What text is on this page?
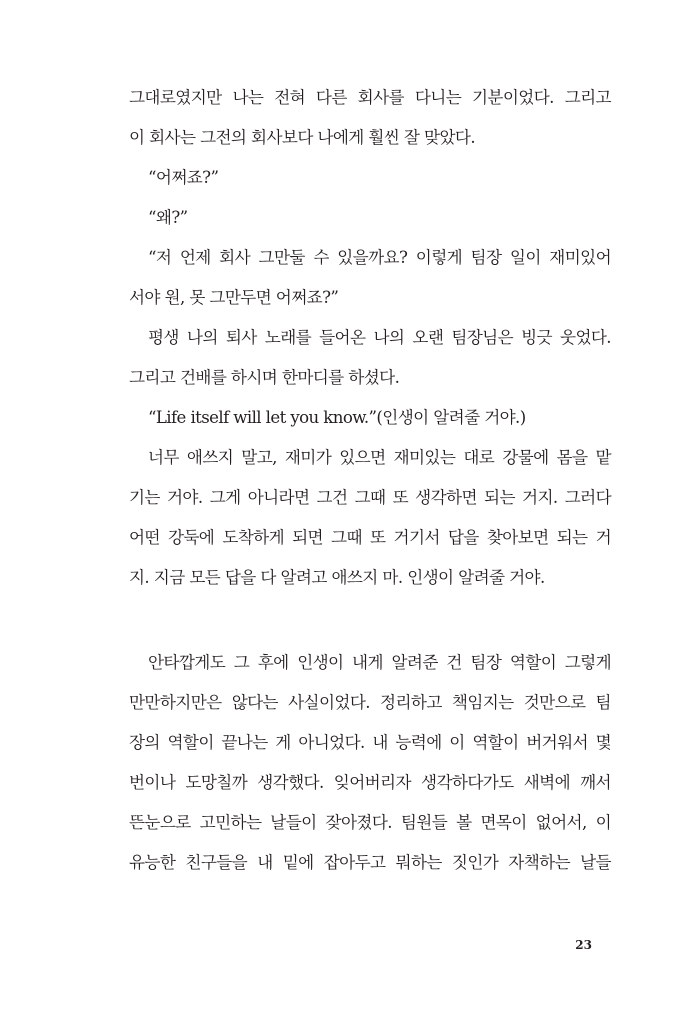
그대로였지만 나는 전혀 다른 회사를 다니는 기분이었다. 그리고
이 회사는 그전의 회사보다 나에게 훨씬 잘 맞았다.
“어쩌죠?”
“왜?”
“저 언제 회사 그만둘 수 있을까요? 이렇게 팀장 일이 재미있어
서야 원, 못 그만두면 어쩌죠?”
평생 나의 퇴사 노래를 들어온 나의 오랜 팀장님은 빙긋 웃었다.
그리고 건배를 하시며 한마디를 하셨다.
“Life itself will let you know.”(인생이 알려줄 거야.)
너무 애쓰지 말고, 재미가 있으면 재미있는 대로 강물에 몸을 맡
기는 거야. 그게 아니라면 그건 그때 또 생각하면 되는 거지. 그러다
어떤 강둑에 도착하게 되면 그때 또 거기서 답을 찾아보면 되는 거
지. 지금 모든 답을 다 알려고 애쓰지 마. 인생이 알려줄 거야.
안타깝게도 그 후에 인생이 내게 알려준 건 팀장 역할이 그렇게
만만하지만은 않다는 사실이었다. 정리하고 책임지는 것만으로 팀
장의 역할이 끝나는 게 아니었다. 내 능력에 이 역할이 버거워서 몇
번이나 도망칠까 생각했다. 잊어버리자 생각하다가도 새벽에 깨서
뜬눈으로 고민하는 날들이 잦아졌다. 팀원들 볼 면목이 없어서, 이
유능한 친구들을 내 밑에 잡아두고 뭐하는 짓인가 자책하는 날들
23
